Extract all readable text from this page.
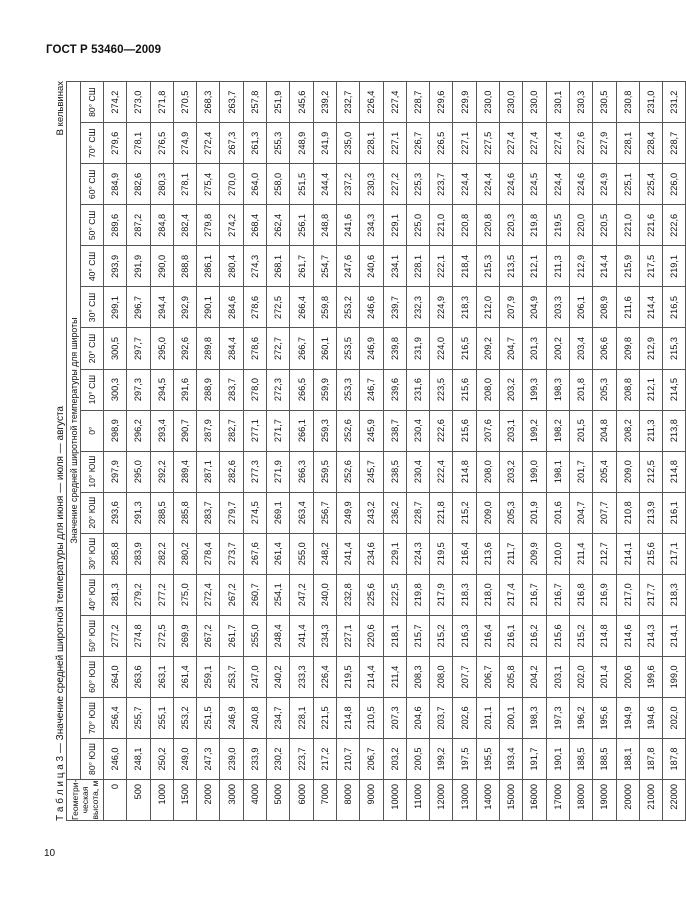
ГОСТ Р 53460—2009
Т а б л и ц а 3 — Значение средней широтной температуры для июня — июля — августа
В кельвинах
Геометри-ческая высота, м	Значение средней широтной температуры для широты																
	80° ЮШ	70° ЮШ	60° ЮШ	50° ЮШ	40° ЮШ	30° ЮШ	20° ЮШ	10° ЮШ	0°	10° СШ	20° СШ	30° СШ	40° СШ	50° СШ	60° СШ	70° СШ	80° СШ
0	246,0	256,4	264,0	277,2	281,3	285,8	293,6	297,9	298,9	300,3	300,5	299,1	293,9	289,6	284,9	279,6	274,2
500	248,1	255,7	263,6	274,8	279,2	283,9	291,3	295,0	296,2	297,3	297,7	296,7	291,9	287,2	282,6	278,1	273,0
1000	250,2	255,1	263,1	272,5	277,2	282,2	288,5	292,2	293,4	294,5	295,0	294,4	290,0	284,8	280,3	276,5	271,8
1500	249,0	253,2	261,4	269,9	275,0	280,2	285,8	289,4	290,7	291,6	292,6	292,9	288,8	282,4	278,1	274,9	270,5
2000	247,3	251,5	259,1	267,2	272,4	278,4	283,7	287,1	287,9	288,9	289,8	290,1	286,1	279,8	275,4	272,4	268,3
3000	239,0	246,9	253,7	261,7	267,2	273,7	279,7	282,6	282,7	283,7	284,4	284,6	280,4	274,2	270,0	267,3	263,7
4000	233,9	240,8	247,0	255,0	260,7	267,6	274,5	277,3	277,1	278,0	278,6	278,6	274,3	268,4	264,0	261,3	257,8
5000	230,2	234,7	240,2	248,4	254,1	261,4	269,1	271,9	271,7	272,3	272,7	272,5	268,1	262,4	258,0	255,3	251,9
6000	223,7	228,1	233,3	241,4	247,2	255,0	263,4	266,3	266,1	266,5	266,7	266,4	261,7	256,1	251,5	248,9	245,6
7000	217,2	221,5	226,4	234,3	240,0	248,2	256,7	259,5	259,3	259,9	260,1	259,8	254,7	248,8	244,4	241,9	239,2
8000	210,7	214,8	219,5	227,1	232,8	241,4	249,9	252,6	252,6	253,3	253,5	253,2	247,6	241,6	237,2	235,0	232,7
9000	206,7	210,5	214,4	220,6	225,6	234,6	243,2	245,7	245,9	246,7	246,9	246,6	240,6	234,3	230,3	228,1	226,4
10000	203,2	207,3	211,4	218,1	222,5	229,1	236,2	238,5	238,7	239,6	239,8	239,7	234,1	229,1	227,2	227,1	227,4
11000	200,5	204,6	208,3	215,7	219,8	224,3	228,7	230,4	230,4	231,6	231,9	232,3	228,1	225,0	225,3	226,7	228,7
12000	199,2	203,7	208,0	215,2	217,9	219,5	221,8	222,4	222,6	223,5	224,0	224,9	222,1	221,0	223,7	226,5	229,6
13000	197,5	202,6	207,7	216,3	218,3	216,4	215,2	214,8	215,6	215,6	216,5	218,3	218,4	220,8	224,4	227,1	229,9
14000	195,5	201,1	206,7	216,4	218,0	213,6	209,0	208,0	207,6	208,0	209,2	212,0	215,3	220,8	224,4	227,5	230,0
15000	193,4	200,1	205,8	216,1	217,4	211,7	205,3	203,2	203,1	203,2	204,7	207,9	213,5	220,3	224,6	227,4	230,0
16000	191,7	198,3	204,2	216,2	216,7	209,9	201,9	199,0	199,2	199,3	201,3	204,9	212,1	219,8	224,5	227,4	230,0
17000	190,1	197,3	203,1	215,6	216,7	210,0	201,6	198,1	198,2	198,3	200,2	203,3	211,3	219,5	224,4	227,4	230,1
18000	188,5	196,2	202,0	215,2	216,8	211,4	204,7	201,7	201,5	201,8	203,4	206,1	212,9	220,0	224,6	227,6	230,3
19000	188,5	195,6	201,4	214,8	216,9	212,7	207,7	205,4	204,8	205,3	206,6	208,9	214,4	220,5	224,9	227,9	230,5
20000	188,1	194,9	200,6	214,6	217,0	214,1	210,8	209,0	208,2	208,8	209,8	211,6	215,9	221,0	225,1	228,1	230,8
21000	187,8	194,6	199,6	214,3	217,7	215,6	213,9	212,5	211,3	212,1	212,9	214,4	217,5	221,6	225,4	228,4	231,0
22000	187,8	202,0	199,0	214,1	218,3	217,1	216,1	214,8	213,8	214,5	215,3	216,5	219,1	222,6	226,0	228,7	231,2
10
